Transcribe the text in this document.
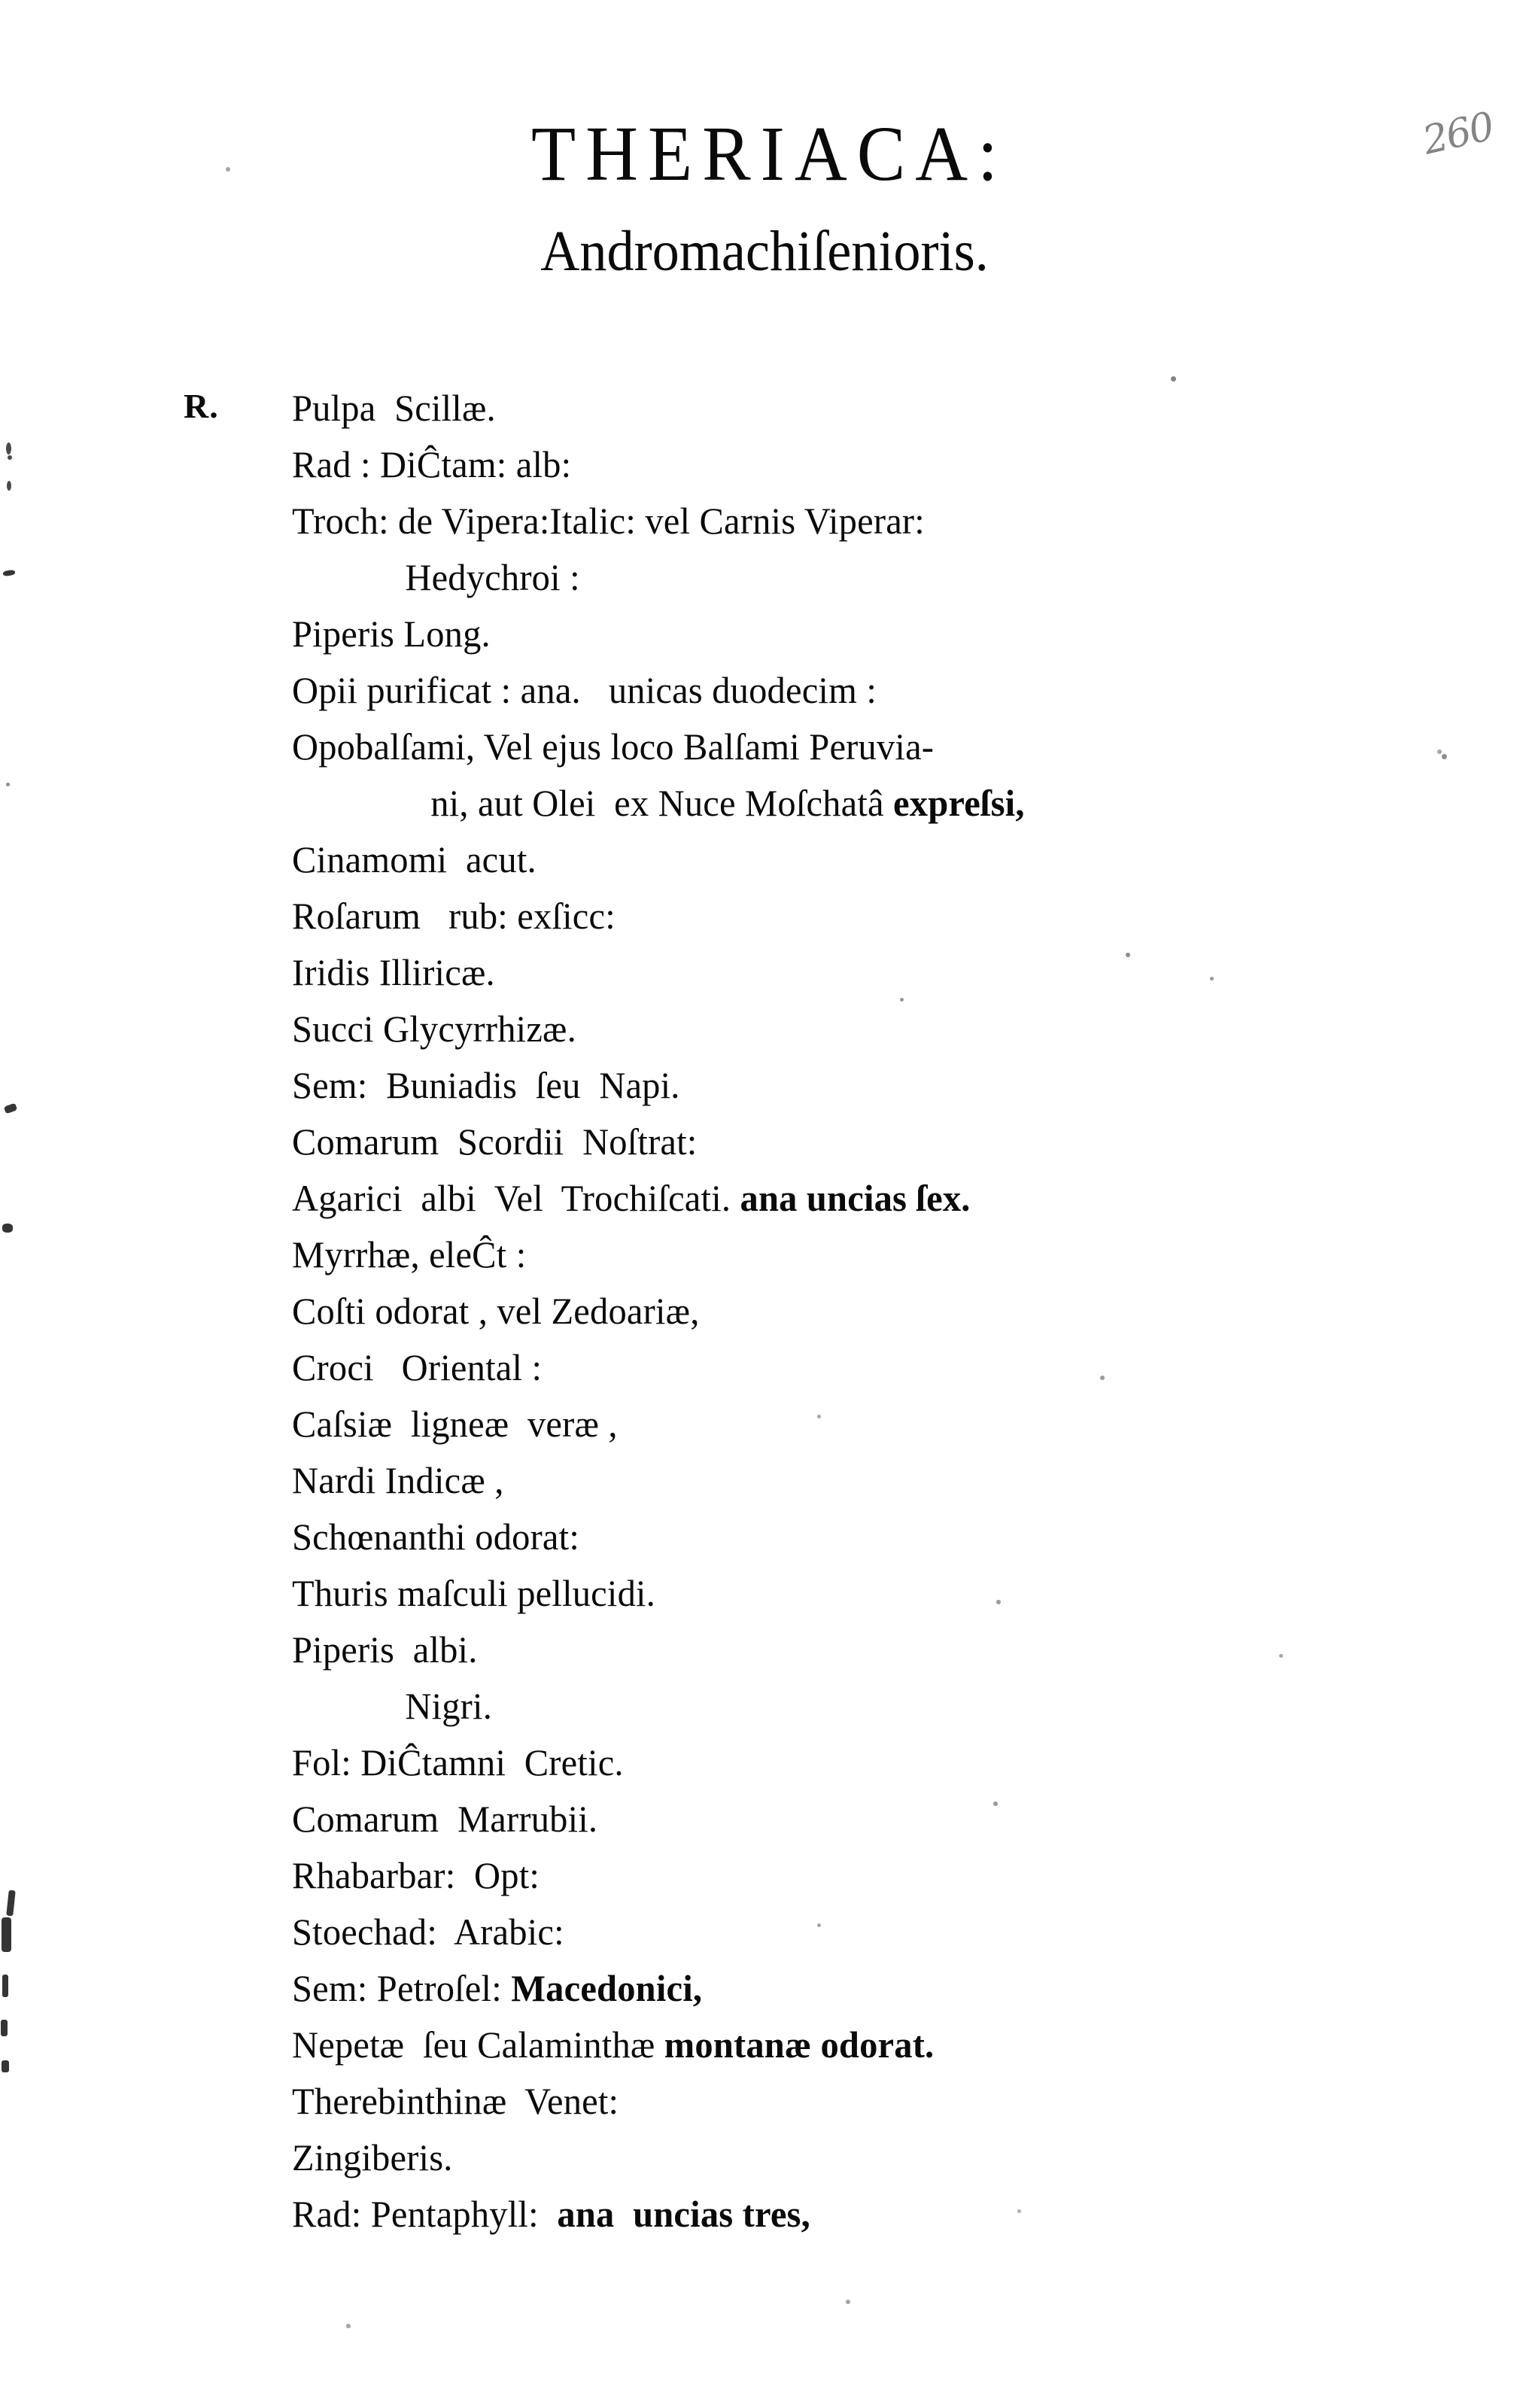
260
THERIACA:
Andromachiſenioris.
R. Pulpa  Scillæ.
Rad : DiĈtam: alb:
Troch: de Vipera:Italic: vel Carnis Viperar:
Hedychroi :
Piperis Long.
Opii purificat : ana.   unicas duodecim :
Opobalſami, Vel ejus loco Balſami Peruvia-
ni, aut Olei  ex Nuce Moſchatâ expreſsi,
Cinamomi  acut.
Roſarum   rub: exſicc:
Iridis Illiricæ.
Succi Glycyrrhizæ.
Sem:  Buniadis  ſeu  Napi.
Comarum  Scordii  Noſtrat:
Agarici  albi  Vel  Trochiſcati. ana uncias ſex.
Myrrhæ, eleĈt :
Coſti odorat , vel Zedoariæ,
Croci   Oriental :
Caſsiæ  ligneæ  veræ ,
Nardi Indicæ ,
Schœnanthi odorat:
Thuris maſculi pellucidi.
Piperis  albi.
Nigri.
Fol: DiĈtamni  Cretic.
Comarum  Marrubii.
Rhabarbar:  Opt:
Stoechad:  Arabic:
Sem: Petroſel: Macedonici,
Nepetæ  ſeu Calaminthæ montanæ odorat.
Therebinthinæ  Venet:
Zingiberis.
Rad: Pentaphyll:  ana  uncias tres,
